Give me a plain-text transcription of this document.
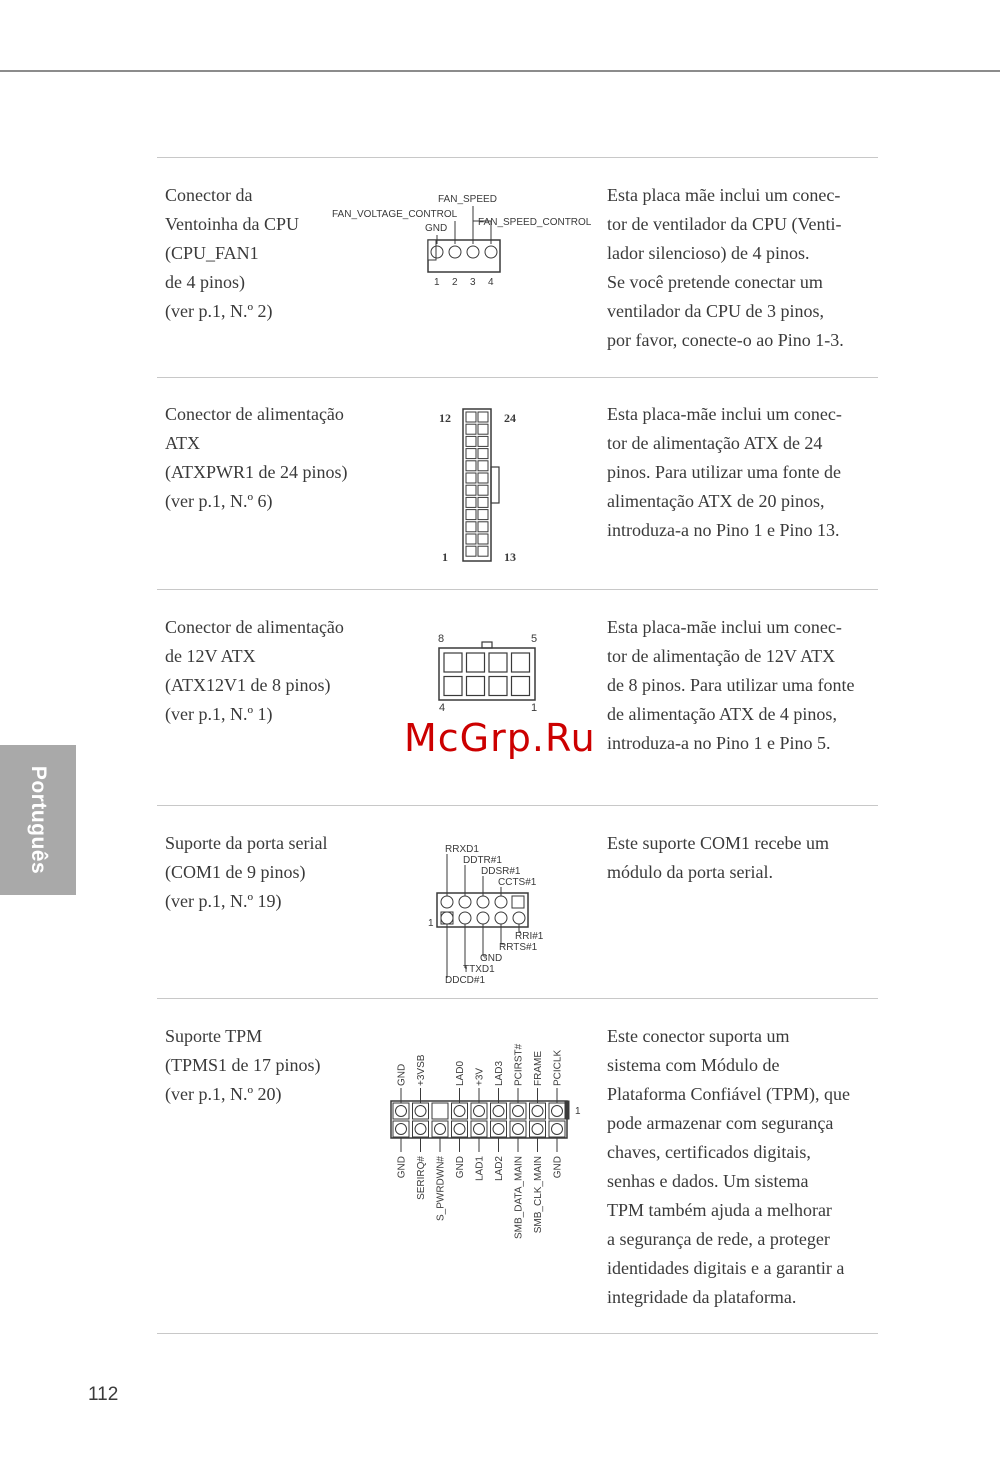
Português
Conector da
Ventoinha da CPU
(CPU_FAN1
de 4 pinos)
(ver p.1, N.º 2)
Esta placa mãe inclui um conec-
tor de ventilador da CPU (Venti-
lador silencioso) de 4 pinos.
Se você pretende conectar um
ventilador da CPU de 3 pinos,
por favor, conecte-o ao Pino 1-3.
FAN_SPEED
FAN_VOLTAGE_CONTROL
GND
FAN_SPEED_CONTROL
1 2 3 4
Conector de alimentação
ATX
(ATXPWR1 de 24 pinos)
(ver p.1, N.º 6)
Esta placa-mãe inclui um conec-
tor de alimentação ATX de 24
pinos. Para utilizar uma fonte de
alimentação ATX de 20 pinos,
introduza-a no Pino 1 e Pino 13.
12	24
1	13
Conector de alimentação
de 12V ATX
(ATX12V1 de 8 pinos)
(ver p.1, N.º 1)
Esta placa-mãe inclui um conec-
tor de alimentação de 12V ATX
de 8 pinos. Para utilizar uma fonte
de alimentação ATX de 4 pinos,
introduza-a no Pino 1 e Pino 5.
8	5
4	1
Suporte da porta serial
(COM1 de 9 pinos)
(ver p.1, N.º 19)
Este suporte COM1 recebe um
módulo da porta serial.
RRXD1
DDTR#1
DDSR#1
CCTS#1
1
RRI#1
RRTS#1
GND
TTXD1
DDCD#1
Suporte TPM
(TPMS1 de 17 pinos)
(ver p.1, N.º 20)
Este conector suporta um
sistema com Módulo de
Plataforma Confiável (TPM), que
pode armazenar com segurança
chaves, certificados digitais,
senhas e dados. Um sistema
TPM também ajuda a melhorar
a segurança de rede, a proteger
identidades digitais e a garantir a
integridade da plataforma.
1
GND +3VSB	LAD0 +3V LAD3 PCIRST# FRAME PCICLK
GND SERIRQ# S_PWRDWN# GND LAD1 LAD2 SMB_DATA_MAIN SMB_CLK_MAIN GND
McGrp.Ru
112
